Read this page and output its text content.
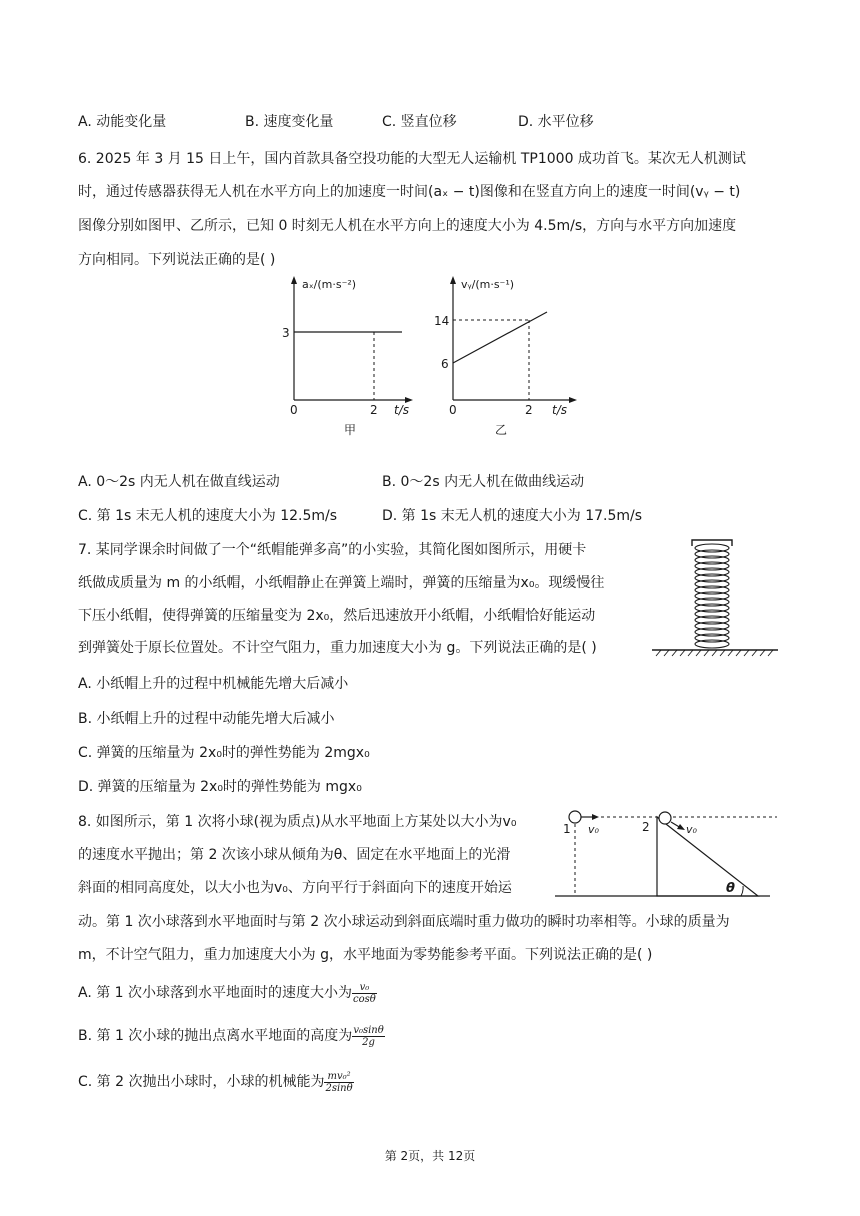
A. 动能变化量	B. 速度变化量	C. 竖直位移	D. 水平位移
6. 2025 年 3 月 15 日上午，国内首款具备空投功能的大型无人运输机 TP1000 成功首飞。某次无人机测试
时，通过传感器获得无人机在水平方向上的加速度一时间(aₓ − t)图像和在竖直方向上的速度一时间(vᵧ − t)
图像分别如图甲、乙所示，已知 0 时刻无人机在水平方向上的速度大小为 4.5m/s，方向与水平方向加速度
方向相同。下列说法正确的是( )
aₓ/(m·s⁻²)
3
0	2 t/s
甲
vᵧ/(m·s⁻¹)
14
6
0	2 t/s
乙
A. 0～2s 内无人机在做直线运动	B. 0～2s 内无人机在做曲线运动
C. 第 1s 末无人机的速度大小为 12.5m/s	D. 第 1s 末无人机的速度大小为 17.5m/s
7. 某同学课余时间做了一个“纸帽能弹多高”的小实验，其简化图如图所示，用硬卡
纸做成质量为 m 的小纸帽，小纸帽静止在弹簧上端时，弹簧的压缩量为x₀。现缓慢往
下压小纸帽，使得弹簧的压缩量变为 2x₀，然后迅速放开小纸帽，小纸帽恰好能运动
到弹簧处于原长位置处。不计空气阻力，重力加速度大小为 g。下列说法正确的是( )
A. 小纸帽上升的过程中机械能先增大后减小
B. 小纸帽上升的过程中动能先增大后减小
C. 弹簧的压缩量为 2x₀时的弹性势能为 2mgx₀
D. 弹簧的压缩量为 2x₀时的弹性势能为 mgx₀
8. 如图所示，第 1 次将小球(视为质点)从水平地面上方某处以大小为v₀
的速度水平抛出；第 2 次该小球从倾角为θ、固定在水平地面上的光滑
斜面的相同高度处，以大小也为v₀、方向平行于斜面向下的速度开始运
动。第 1 次小球落到水平地面时与第 2 次小球运动到斜面底端时重力做功的瞬时功率相等。小球的质量为
m，不计空气阻力，重力加速度大小为 g，水平地面为零势能参考平面。下列说法正确的是( )
1 v₀	2	v₀
θ
A. 第 1 次小球落到水平地面时的速度大小为 $\frac{\text{v₀}}{\cos\theta}$
B. 第 1 次小球的抛出点离水平地面的高度为 $\frac{\text{v₀sinθ}}{2g}$
C. 第 2 次抛出小球时，小球的机械能为 $\frac{\text{mv₀²}}{2\sin\theta}$
第 2页，共 12页
